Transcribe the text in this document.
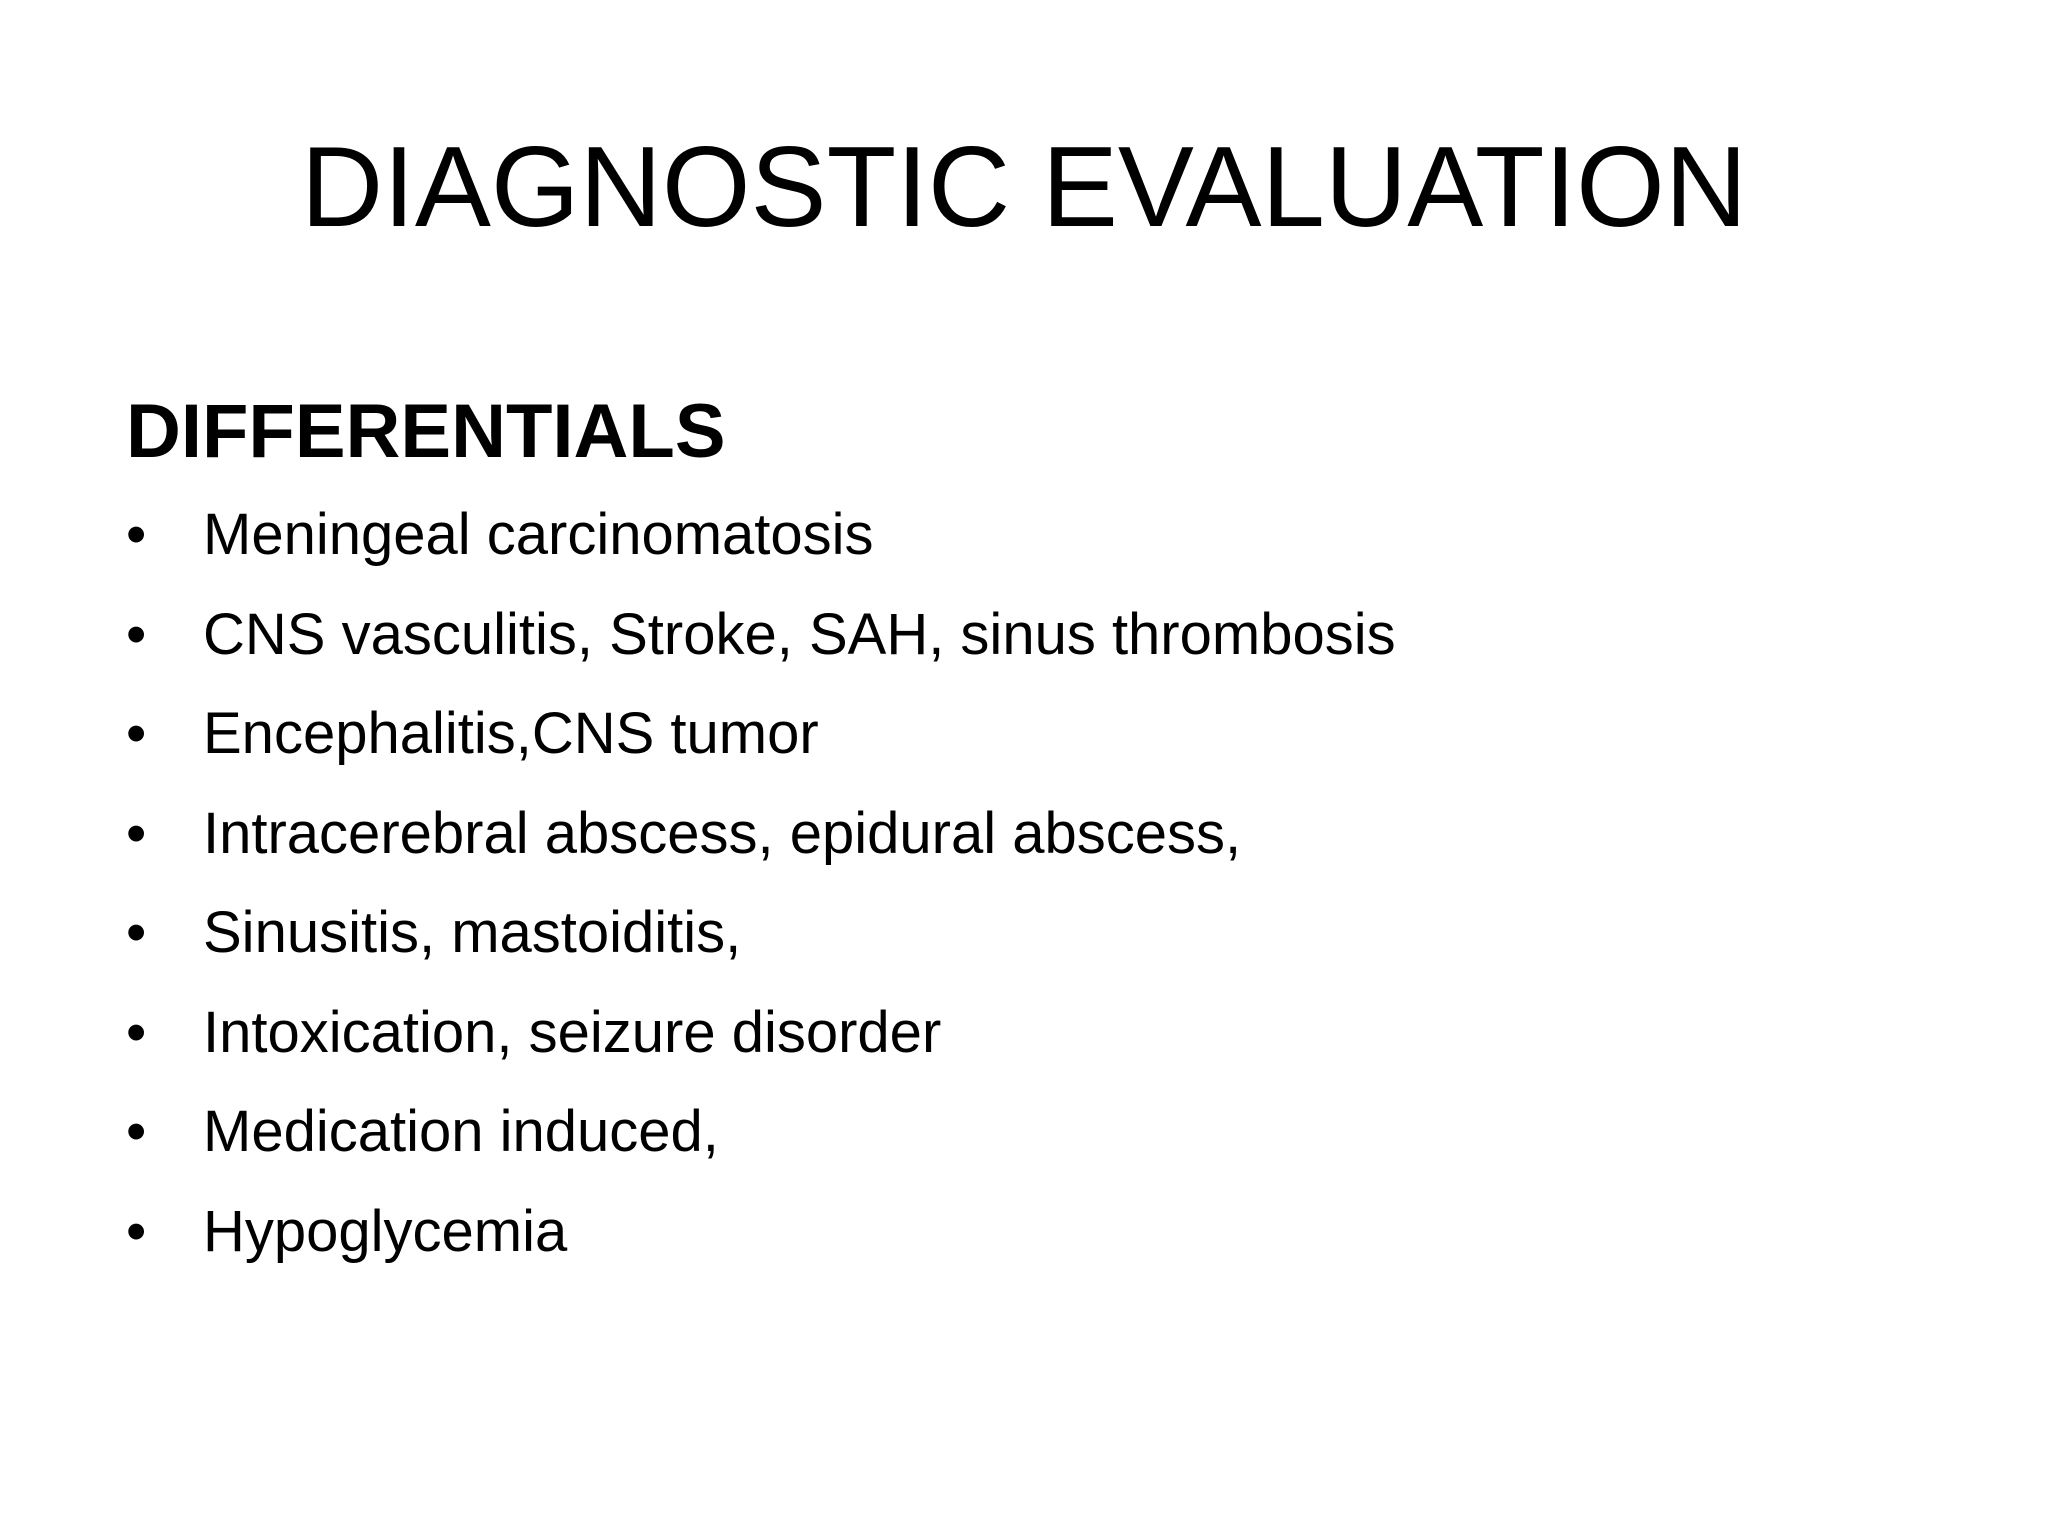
DIAGNOSTIC EVALUATION
DIFFERENTIALS
• Meningeal carcinomatosis
• CNS vasculitis, Stroke, SAH, sinus thrombosis
• Encephalitis,CNS tumor
• Intracerebral abscess, epidural abscess,
• Sinusitis, mastoiditis,
• Intoxication, seizure disorder
• Medication induced,
• Hypoglycemia
